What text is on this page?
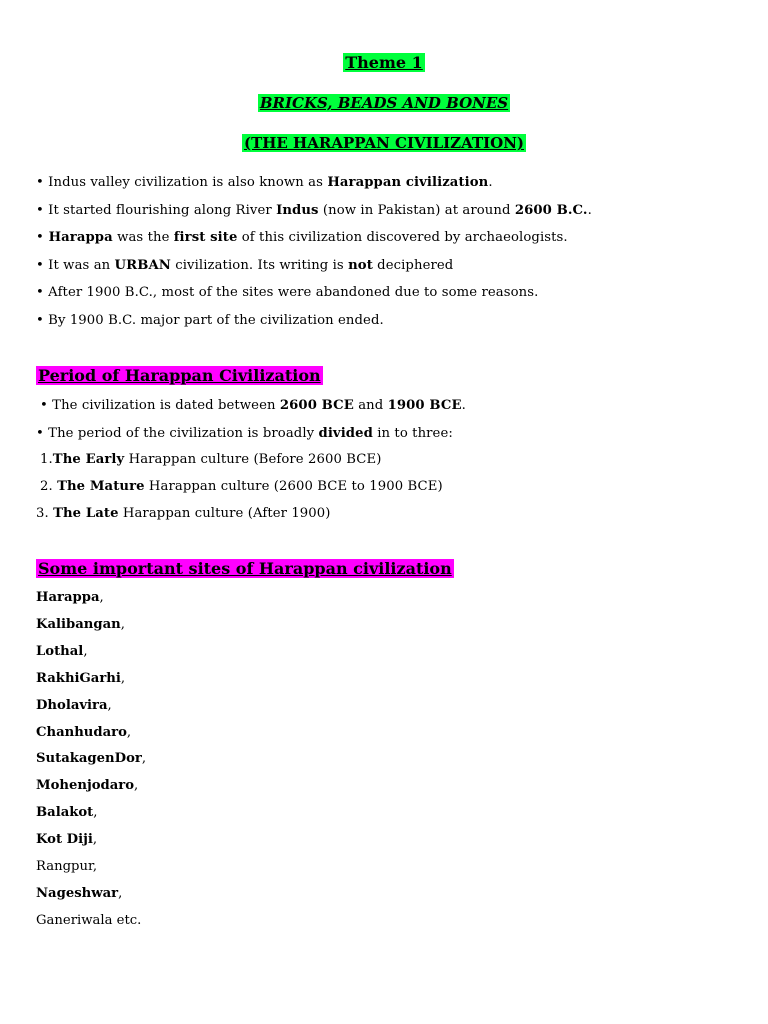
Theme 1
BRICKS, BEADS AND BONES
(THE HARAPPAN CIVILIZATION)
• Indus valley civilization is also known as Harappan civilization.
• It started flourishing along River Indus (now in Pakistan) at around 2600 B.C..
• Harappa was the first site of this civilization discovered by archaeologists.
• It was an URBAN civilization. Its writing is not deciphered
• After 1900 B.C., most of the sites were abandoned due to some reasons.
• By 1900 B.C. major part of the civilization ended.
Period of Harappan Civilization
• The civilization is dated between 2600 BCE and 1900 BCE.
• The period of the civilization is broadly divided in to three:
1.The Early Harappan culture (Before 2600 BCE)
2. The Mature Harappan culture (2600 BCE to 1900 BCE)
3. The Late Harappan culture (After 1900)
Some important sites of Harappan civilization
Harappa,
Kalibangan,
Lothal,
RakhiGarhi,
Dholavira,
Chanhudaro,
SutakagenDor,
Mohenjodaro,
Balakot,
Kot Diji,
Rangpur,
Nageshwar,
Ganeriwala etc.
